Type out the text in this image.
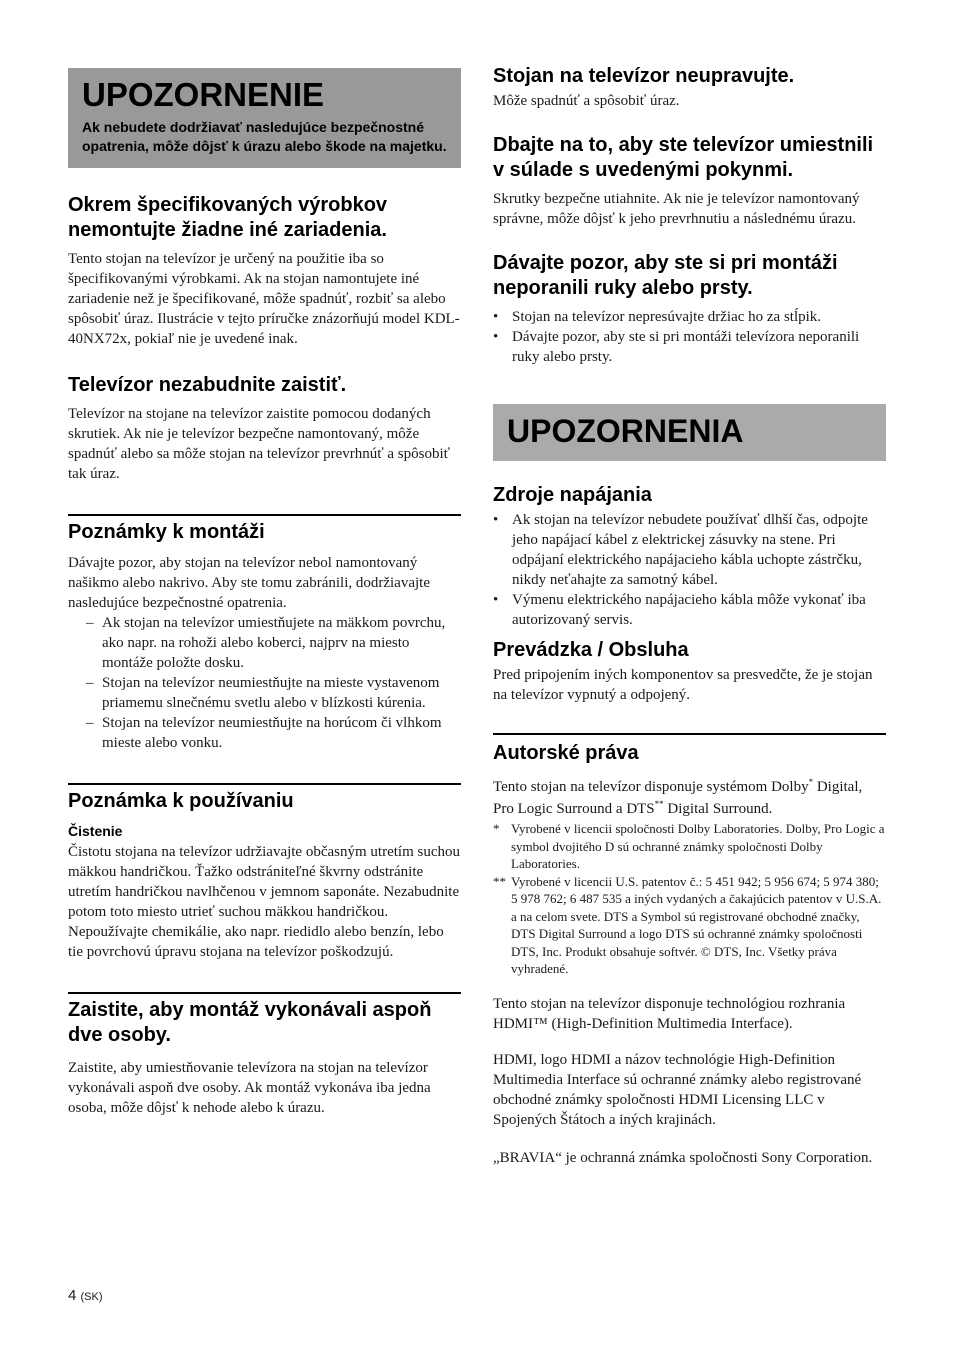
UPOZORNENIE
Ak nebudete dodržiavať nasledujúce bezpečnostné opatrenia, môže dôjsť k úrazu alebo škode na majetku.
Okrem špecifikovaných výrobkov nemontujte žiadne iné zariadenia.

Tento stojan na televízor je určený na použitie iba so špecifikovanými výrobkami. Ak na stojan namontujete iné zariadenie než je špecifikované, môže spadnúť, rozbiť sa alebo spôsobiť úraz. Ilustrácie v tejto príručke znázorňujú model KDL-40NX72x, pokiaľ nie je uvedené inak.

Televízor nezabudnite zaistiť.

Televízor na stojane na televízor zaistite pomocou dodaných skrutiek. Ak nie je televízor bezpečne namontovaný, môže spadnúť alebo sa môže stojan na televízor prevrhnúť a spôsobiť tak úraz.

Poznámky k montáži

Dávajte pozor, aby stojan na televízor nebol namontovaný našikmo alebo nakrivo. Aby ste tomu zabránili, dodržiavajte nasledujúce bezpečnostné opatrenia.

– Ak stojan na televízor umiestňujete na mäkkom povrchu, ako napr. na rohoži alebo koberci, najprv na miesto montáže položte dosku.
– Stojan na televízor neumiestňujte na mieste vystavenom priamemu slnečnému svetlu alebo v blízkosti kúrenia.
– Stojan na televízor neumiestňujte na horúcom či vlhkom mieste alebo vonku.
Poznámka k používaniu
Čistenie

Čistotu stojana na televízor udržiavajte občasným utretím suchou mäkkou handričkou. Ťažko odstrániteľné škvrny odstránite utretím handričkou navlhčenou v jemnom saponáte. Nezabudnite potom toto miesto utrieť suchou mäkkou handričkou. Nepoužívajte chemikálie, ako napr. riedidlo alebo benzín, lebo tie povrchovú úpravu stojana na televízor poškodzujú.

Zaistite, aby montáž vykonávali aspoň dve osoby.

Zaistite, aby umiestňovanie televízora na stojan na televízor vykonávali aspoň dve osoby. Ak montáž vykonáva iba jedna osoba, môže dôjsť k nehode alebo k úrazu.

Stojan na televízor neupravujte.

Môže spadnúť a spôsobiť úraz.

Dbajte na to, aby ste televízor umiestnili v súlade s uvedenými pokynmi.

Skrutky bezpečne utiahnite. Ak nie je televízor namontovaný správne, môže dôjsť k jeho prevrhnutiu a následnému úrazu.

Dávajte pozor, aby ste si pri montáži neporanili ruky alebo prsty.
• Stojan na televízor nepresúvajte držiac ho za stĺpik.
• Dávajte pozor, aby ste si pri montáži televízora neporanili ruky alebo prsty.
UPOZORNENIA
Zdroje napájania
• Ak stojan na televízor nebudete používať dlhší čas, odpojte jeho napájací kábel z elektrickej zásuvky na stene. Pri odpájaní elektrického napájacieho kábla uchopte zástrčku, nikdy neťahajte za samotný kábel.
• Výmenu elektrického napájacieho kábla môže vykonať iba autorizovaný servis.
Prevádzka / Obsluha

Pred pripojením iných komponentov sa presvedčte, že je stojan na televízor vypnutý a odpojený.

Autorské práva

Tento stojan na televízor disponuje systémom Dolby* Digital, Pro Logic Surround a DTS** Digital Surround.

* Vyrobené v licencii spoločnosti Dolby Laboratories. Dolby, Pro Logic a symbol dvojitého D sú ochranné známky spoločnosti Dolby Laboratories.
** Vyrobené v licencii U.S. patentov č.: 5 451 942; 5 956 674; 5 974 380; 5 978 762; 6 487 535 a iných vydaných a čakajúcich patentov v U.S.A. a na celom svete. DTS a Symbol sú registrované obchodné značky, DTS Digital Surround a logo DTS sú ochranné známky spoločnosti DTS, Inc. Produkt obsahuje softvér. © DTS, Inc. Všetky práva vyhradené.

Tento stojan na televízor disponuje technológiou rozhrania HDMI™ (High-Definition Multimedia Interface).

HDMI, logo HDMI a názov technológie High-Definition Multimedia Interface sú ochranné známky alebo registrované obchodné známky spoločnosti HDMI Licensing LLC v Spojených Štátoch a iných krajinách.

„BRAVIA“ je ochranná známka spoločnosti Sony Corporation.

4 (SK)
